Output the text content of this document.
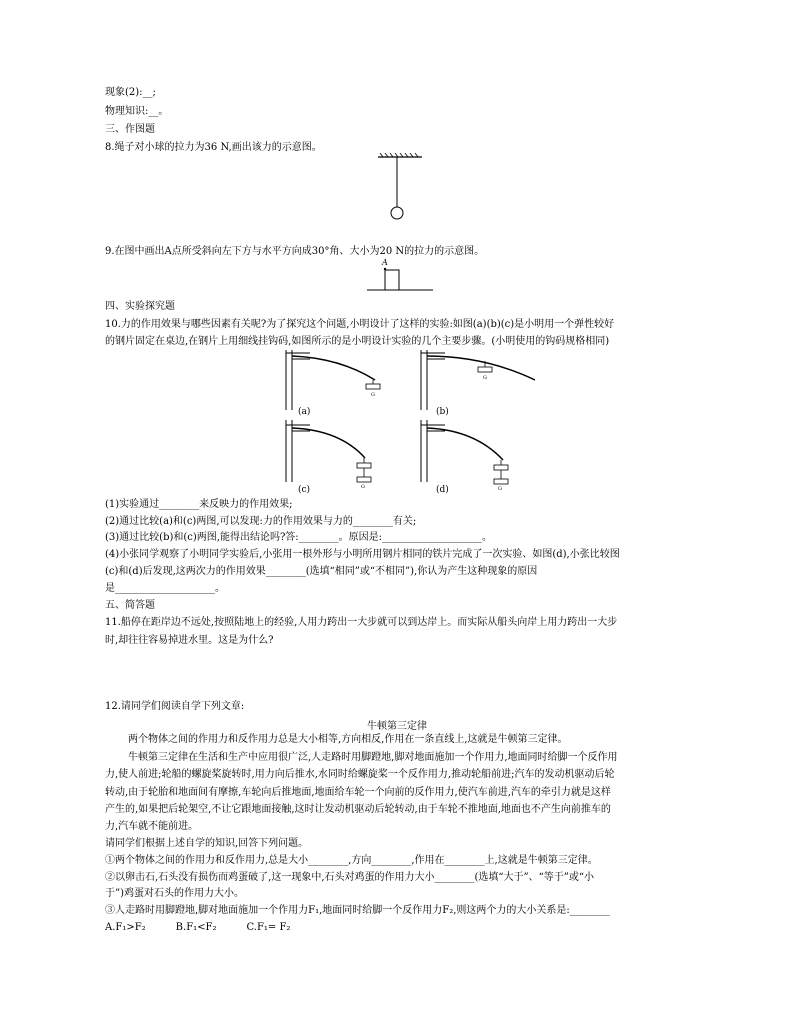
现象(2):__;
物理知识:__。
三、作图题
8.绳子对小球的拉力为36 N,画出该力的示意图。
9.在图中画出A点所受斜向左下方与水平方向成30°角、大小为20 N的拉力的示意图。
A
四、实验探究题
10.力的作用效果与哪些因素有关呢?为了探究这个问题,小明设计了这样的实验:如图(a)(b)(c)是小明用一个弹性较好
的钢片固定在桌边,在钢片上用细线挂钩码,如图所示的是小明设计实验的几个主要步骤。(小明使用的钩码规格相同)
G
(a)
G
(b)
G
(c)	G
(d)
(1)实验通过________来反映力的作用效果;
(2)通过比较(a)和(c)两图,可以发现:力的作用效果与力的________有关;
(3)通过比较(b)和(c)两图,能得出结论吗?答:________。原因是:____________________。
(4)小张同学观察了小明同学实验后,小张用一根外形与小明所用钢片相同的铁片完成了一次实验、如图(d),小张比较图
(c)和(d)后发现,这两次力的作用效果________(选填“相同”或“不相同”),你认为产生这种现象的原因
是____________________。
五、简答题
11.船停在距岸边不远处,按照陆地上的经验,人用力跨出一大步就可以到达岸上。而实际从船头向岸上用力跨出一大步
时,却往往容易掉进水里。这是为什么?
12.请同学们阅读自学下列文章:
牛顿第三定律
两个物体之间的作用力和反作用力总是大小相等,方向相反,作用在一条直线上,这就是牛顿第三定律。
牛顿第三定律在生活和生产中应用很广泛,人走路时用脚蹬地,脚对地面施加一个作用力,地面同时给脚一个反作用
力,使人前进;轮船的螺旋桨旋转时,用力向后推水,水同时给螺旋桨一个反作用力,推动轮船前进;汽车的发动机驱动后轮
转动,由于轮胎和地面间有摩擦,车轮向后推地面,地面给车轮一个向前的反作用力,使汽车前进,汽车的牵引力就是这样
产生的,如果把后轮架空,不让它跟地面接触,这时让发动机驱动后轮转动,由于车轮不推地面,地面也不产生向前推车的
力,汽车就不能前进。
请同学们根据上述自学的知识,回答下列问题。
①两个物体之间的作用力和反作用力,总是大小________,方向________,作用在________上,这就是牛顿第三定律。
②以卵击石,石头没有损伤而鸡蛋破了,这一现象中,石头对鸡蛋的作用力大小________(选填“大于”、“等于”或“小
于”)鸡蛋对石头的作用力大小。
③人走路时用脚蹬地,脚对地面施加一个作用力F₁,地面同时给脚一个反作用力F₂,则这两个力的大小关系是:________
A.F₁>F₂　　　B.F₁<F₂　　　C.F₁= F₂
